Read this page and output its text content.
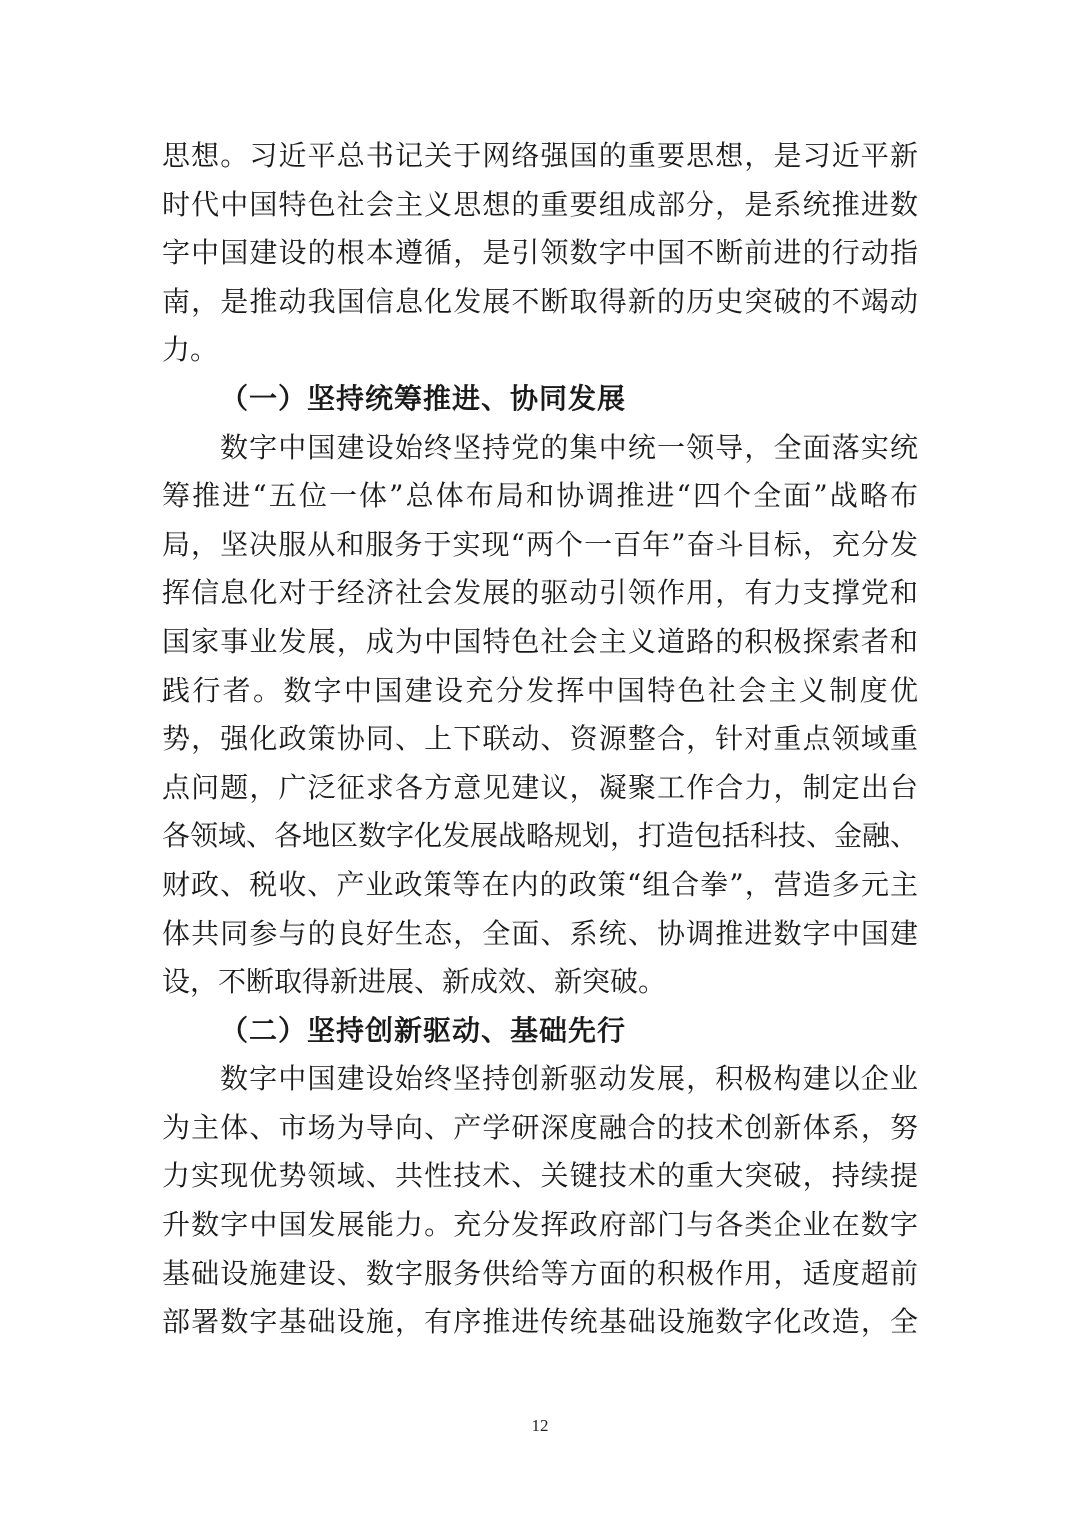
思想。习近平总书记关于网络强国的重要思想，是习近平新
时代中国特色社会主义思想的重要组成部分，是系统推进数
字中国建设的根本遵循，是引领数字中国不断前进的行动指
南，是推动我国信息化发展不断取得新的历史突破的不竭动
力。
（一）坚持统筹推进、协同发展
数字中国建设始终坚持党的集中统一领导，全面落实统
筹推进“五位一体”总体布局和协调推进“四个全面”战略布
局，坚决服从和服务于实现“两个一百年”奋斗目标，充分发
挥信息化对于经济社会发展的驱动引领作用，有力支撑党和
国家事业发展，成为中国特色社会主义道路的积极探索者和
践行者。数字中国建设充分发挥中国特色社会主义制度优
势，强化政策协同、上下联动、资源整合，针对重点领域重
点问题，广泛征求各方意见建议，凝聚工作合力，制定出台
各领域、各地区数字化发展战略规划，打造包括科技、金融、
财政、税收、产业政策等在内的政策“组合拳”，营造多元主
体共同参与的良好生态，全面、系统、协调推进数字中国建
设，不断取得新进展、新成效、新突破。
（二）坚持创新驱动、基础先行
数字中国建设始终坚持创新驱动发展，积极构建以企业
为主体、市场为导向、产学研深度融合的技术创新体系，努
力实现优势领域、共性技术、关键技术的重大突破，持续提
升数字中国发展能力。充分发挥政府部门与各类企业在数字
基础设施建设、数字服务供给等方面的积极作用，适度超前
部署数字基础设施，有序推进传统基础设施数字化改造，全
12
